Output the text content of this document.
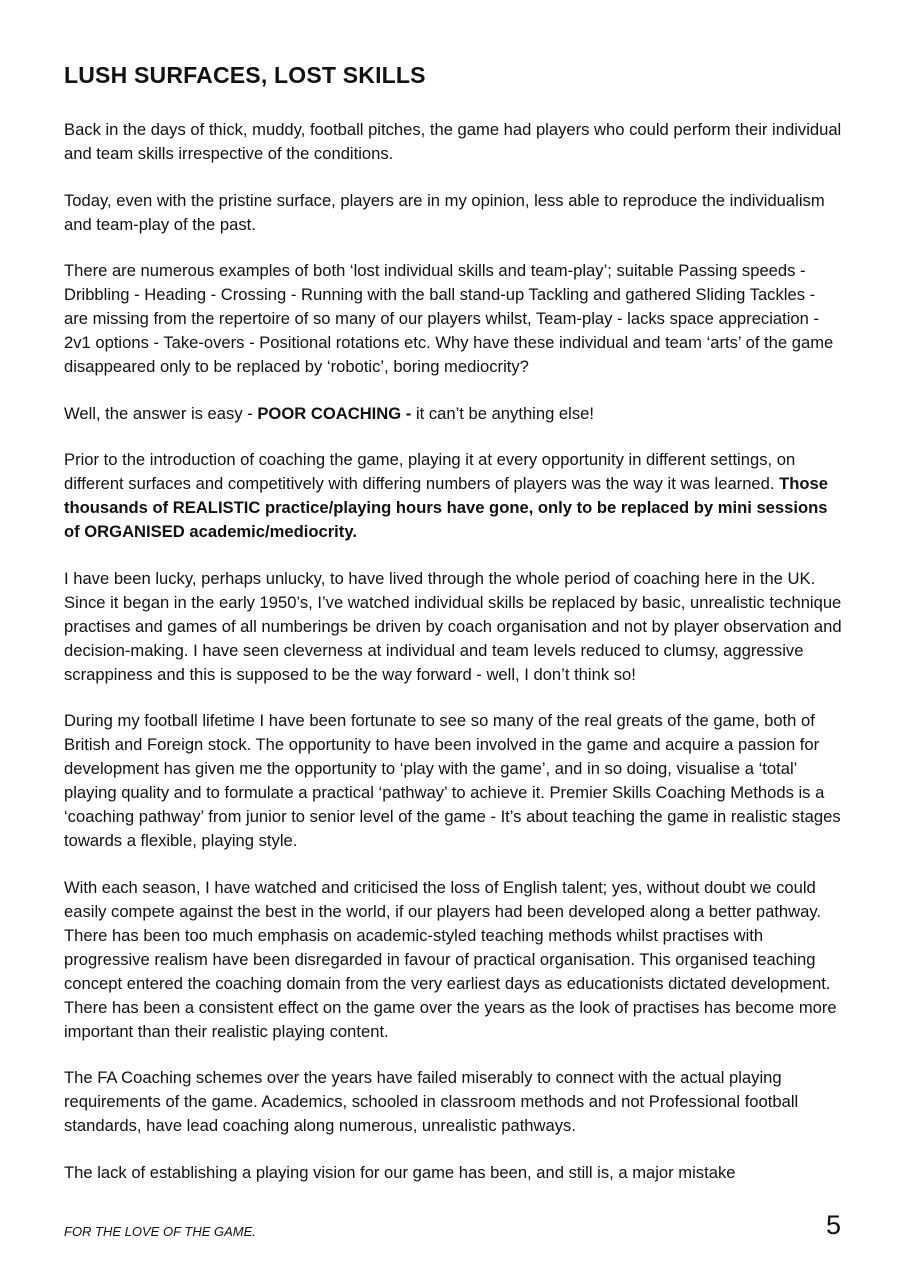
LUSH SURFACES, LOST SKILLS

Back in the days of thick, muddy, football pitches, the game had players who could perform their individual and team skills irrespective of the conditions.

Today, even with the pristine surface, players are in my opinion, less able to reproduce the individualism and team-play of the past.

There are numerous examples of both ‘lost individual skills and team-play’; suitable Passing speeds - Dribbling - Heading - Crossing - Running with the ball stand-up Tackling and gathered Sliding Tackles - are missing from the repertoire of so many of our players whilst, Team-play - lacks space appreciation - 2v1 options - Take-overs - Positional rotations etc. Why have these individual and team ‘arts’ of the game disappeared only to be replaced by ‘robotic’, boring mediocrity?

Well, the answer is easy - POOR COACHING - it can’t be anything else!

Prior to the introduction of coaching the game, playing it at every opportunity in different settings, on different surfaces and competitively with differing numbers of players was the way it was learned. Those thousands of REALISTIC practice/playing hours have gone, only to be replaced by mini sessions of ORGANISED academic/mediocrity.

I have been lucky, perhaps unlucky, to have lived through the whole period of coaching here in the UK. Since it began in the early 1950’s, I’ve watched individual skills be replaced by basic, unrealistic technique practises and games of all numberings be driven by coach organisation and not by player observation and decision-making. I have seen cleverness at individual and team levels reduced to clumsy, aggressive scrappiness and this is supposed to be the way forward - well, I don’t think so!

During my football lifetime I have been fortunate to see so many of the real greats of the game, both of British and Foreign stock. The opportunity to have been involved in the game and acquire a passion for development has given me the opportunity to ‘play with the game’, and in so doing, visualise a ‘total’ playing quality and to formulate a practical ‘pathway’ to achieve it. Premier Skills Coaching Methods is a ‘coaching pathway’ from junior to senior level of the game - It’s about teaching the game in realistic stages towards a flexible, playing style.

With each season, I have watched and criticised the loss of English talent; yes, without doubt we could easily compete against the best in the world, if our players had been developed along a better pathway. There has been too much emphasis on academic-styled teaching methods whilst practises with progressive realism have been disregarded in favour of practical organisation. This organised teaching concept entered the coaching domain from the very earliest days as educationists dictated development. There has been a consistent effect on the game over the years as the look of practises has become more important than their realistic playing content.

The FA Coaching schemes over the years have failed miserably to connect with the actual playing requirements of the game. Academics, schooled in classroom methods and not Professional football standards, have lead coaching along numerous, unrealistic pathways.

The lack of establishing a playing vision for our game has been, and still is, a major mistake

FOR THE LOVE OF THE GAME.	5
